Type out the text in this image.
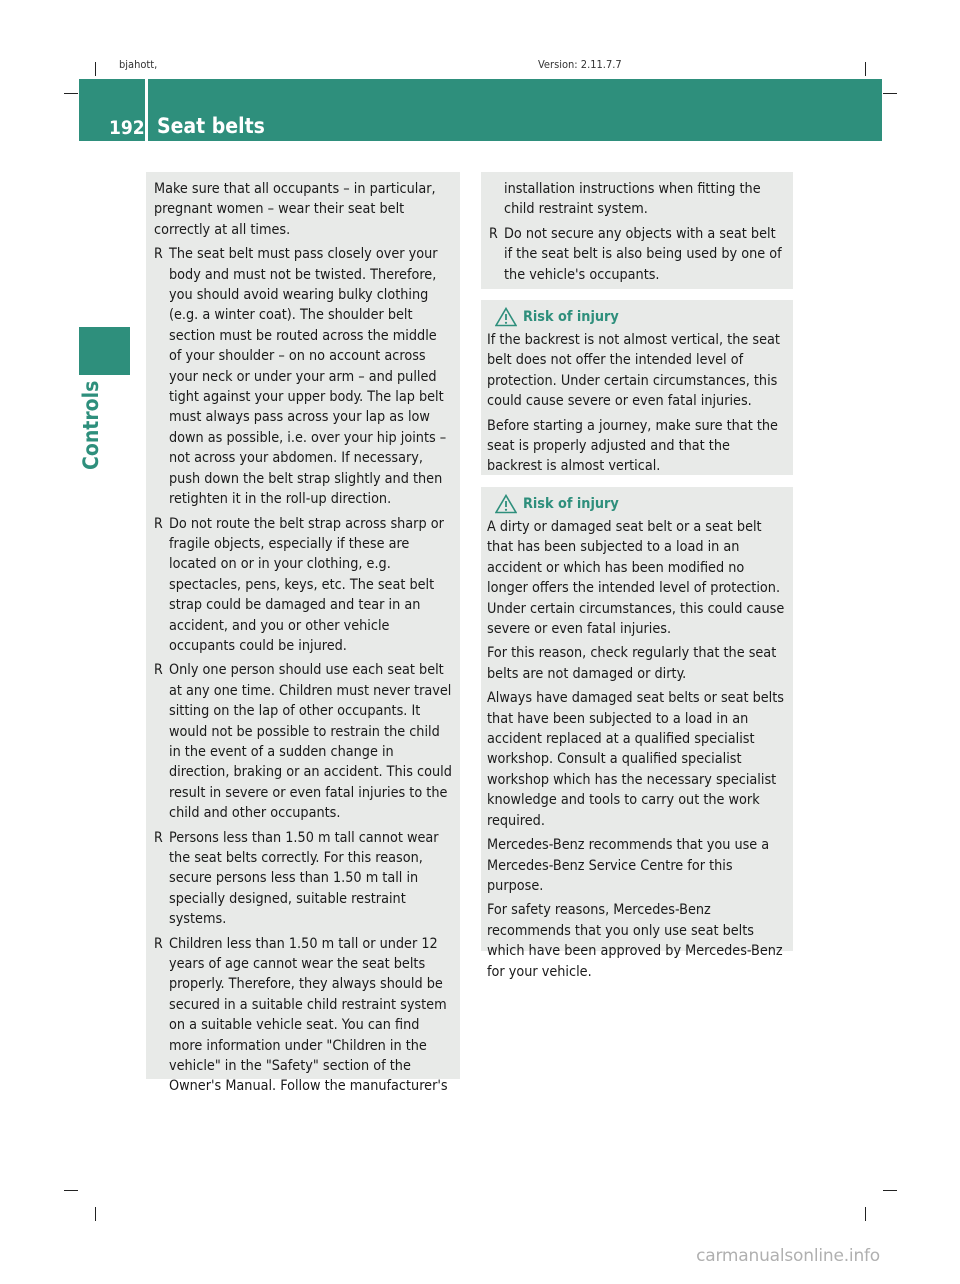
bjahott,	Version: 2.11.7.7
192 Seat belts
Controls

Make sure that all occupants – in particular, pregnant women – wear their seat belt correctly at all times.

R The seat belt must pass closely over your body and must not be twisted. Therefore, you should avoid wearing bulky clothing (e.g. a winter coat). The shoulder belt section must be routed across the middle of your shoulder – on no account across your neck or under your arm – and pulled tight against your upper body. The lap belt must always pass across your lap as low down as possible, i.e. over your hip joints – not across your abdomen. If necessary, push down the belt strap slightly and then retighten it in the roll-up direction.

R Do not route the belt strap across sharp or fragile objects, especially if these are located on or in your clothing, e.g. spectacles, pens, keys, etc. The seat belt strap could be damaged and tear in an accident, and you or other vehicle occupants could be injured.

R Only one person should use each seat belt at any one time. Children must never travel sitting on the lap of other occupants. It would not be possible to restrain the child in the event of a sudden change in direction, braking or an accident. This could result in severe or even fatal injuries to the child and other occupants.

R Persons less than 1.50 m tall cannot wear the seat belts correctly. For this reason, secure persons less than 1.50 m tall in specially designed, suitable restraint systems.

R Children less than 1.50 m tall or under 12 years of age cannot wear the seat belts properly. Therefore, they always should be secured in a suitable child restraint system on a suitable vehicle seat. You can find more information under "Children in the vehicle" in the "Safety" section of the Owner's Manual. Follow the manufacturer's

installation instructions when fitting the child restraint system.

R Do not secure any objects with a seat belt if the seat belt is also being used by one of the vehicle's occupants.

Risk of injury

If the backrest is not almost vertical, the seat belt does not offer the intended level of protection. Under certain circumstances, this could cause severe or even fatal injuries.

Before starting a journey, make sure that the seat is properly adjusted and that the backrest is almost vertical.

Risk of injury

A dirty or damaged seat belt or a seat belt that has been subjected to a load in an accident or which has been modified no longer offers the intended level of protection. Under certain circumstances, this could cause severe or even fatal injuries.

For this reason, check regularly that the seat belts are not damaged or dirty.

Always have damaged seat belts or seat belts that have been subjected to a load in an accident replaced at a qualified specialist workshop. Consult a qualified specialist workshop which has the necessary specialist knowledge and tools to carry out the work required.

Mercedes-Benz recommends that you use a Mercedes-Benz Service Centre for this purpose.

For safety reasons, Mercedes-Benz recommends that you only use seat belts which have been approved by Mercedes-Benz for your vehicle.

carmanualsonline.info
